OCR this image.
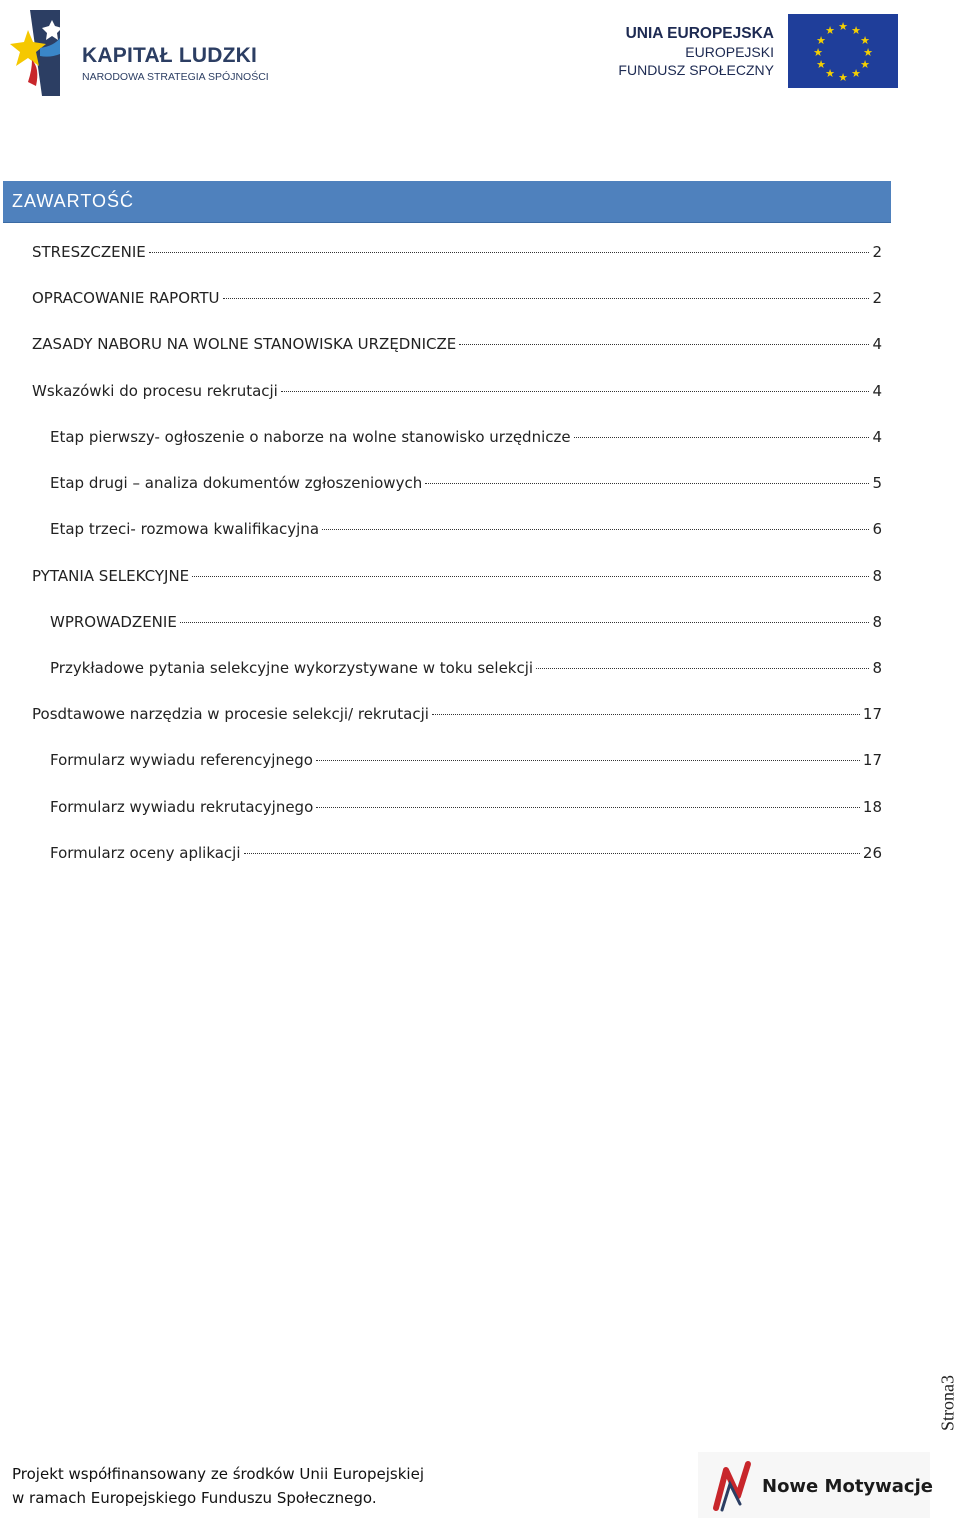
KAPITAŁ LUDZKI
NARODOWA STRATEGIA SPÓJNOŚCI
UNIA EUROPEJSKA
EUROPEJSKI
FUNDUSZ SPOŁECZNY
★ ★
★
★
★
★
★
★
★
★
★
★
ZAWARTOŚĆ
STRESZCZENIE	2
OPRACOWANIE RAPORTU	2
ZASADY NABORU NA WOLNE STANOWISKA URZĘDNICZE	4
Wskazówki do procesu rekrutacji	4
Etap pierwszy- ogłoszenie o naborze na wolne stanowisko urzędnicze	4
Etap drugi – analiza dokumentów zgłoszeniowych	5
Etap trzeci- rozmowa kwalifikacyjna	6
PYTANIA SELEKCYJNE	8
WPROWADZENIE	8
Przykładowe pytania selekcyjne wykorzystywane w toku selekcji	8
Posdtawowe narzędzia w procesie selekcji/ rekrutacji	17
Formularz wywiadu referencyjnego	17
Formularz wywiadu rekrutacyjnego	18
Formularz oceny aplikacji	26
Strona3
Projekt współfinansowany ze środków Unii Europejskiej
w ramach Europejskiego Funduszu Społecznego.
Nowe Motywacje
